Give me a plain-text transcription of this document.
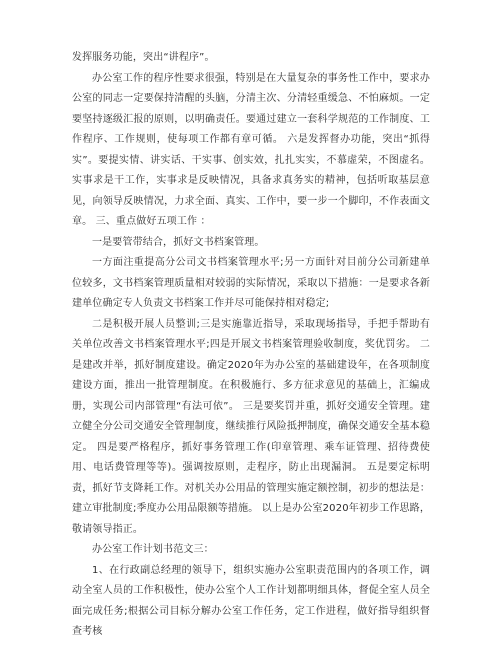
发挥服务功能，突出“讲程序”。

办公室工作的程序性要求很强，特别是在大量复杂的事务性工作中，要求办公室的同志一定要保持清醒的头脑，分清主次、分清轻重缓急、不怕麻烦。一定要坚持逐级汇报的原则，以明确责任。要通过建立一套科学规范的工作制度、工作程序、工作规则，使每项工作都有章可循。 六是发挥督办功能，突出“抓得实”。要提实情、讲实话、干实事、创实效，扎扎实实，不慕虚荣，不图虚名。实事求是干工作，实事求是反映情况，具备求真务实的精神，包括听取基层意见，向领导反映情况，力求全面、真实、工作中，要一步一个脚印，不作表面文章。 三、重点做好五项工作 ：

一是要管带结合，抓好文书档案管理。

一方面注重提高分公司文书档案管理水平;另一方面针对目前分公司新建单位较多，文书档案管理质量相对较弱的实际情况，采取以下措施：一是要求各新建单位确定专人负责文书档案工作并尽可能保持相对稳定;

二是积极开展人员整训;三是实施靠近指导，采取现场指导，手把手帮助有关单位改善文书档案管理水平;四是开展文书档案管理验收制度，奖优罚劣。 二是建改并举，抓好制度建设。确定2020年为办公室的基础建设年，在各项制度建设方面，推出一批管理制度。在积极施行、多方征求意见的基础上，汇编成册，实现公司内部管理“有法可依”。 三是要奖罚并重，抓好交通安全管理。建立健全分公司交通安全管理制度，继续推行风险抵押制度，确保交通安全基本稳定。 四是要严格程序，抓好事务管理工作(印章管理、乘车证管理、招待费使用、电话费管理等等)。强调按原则，走程序，防止出现漏洞。 五是要定标明责，抓好节支降耗工作。对机关办公用品的管理实施定额控制，初步的想法是：建立审批制度;季度办公用品限额等措施。 以上是办公室2020年初步工作思路，敬请领导指正。

办公室工作计划书范文三：

1、在行政副总经理的领导下，组织实施办公室职责范围内的各项工作，调动全室人员的工作积极性，使办公室个人工作计划都明细具体，督促全室人员全面完成任务;根据公司目标分解办公室工作任务，定工作进程，做好指导组织督查考核
